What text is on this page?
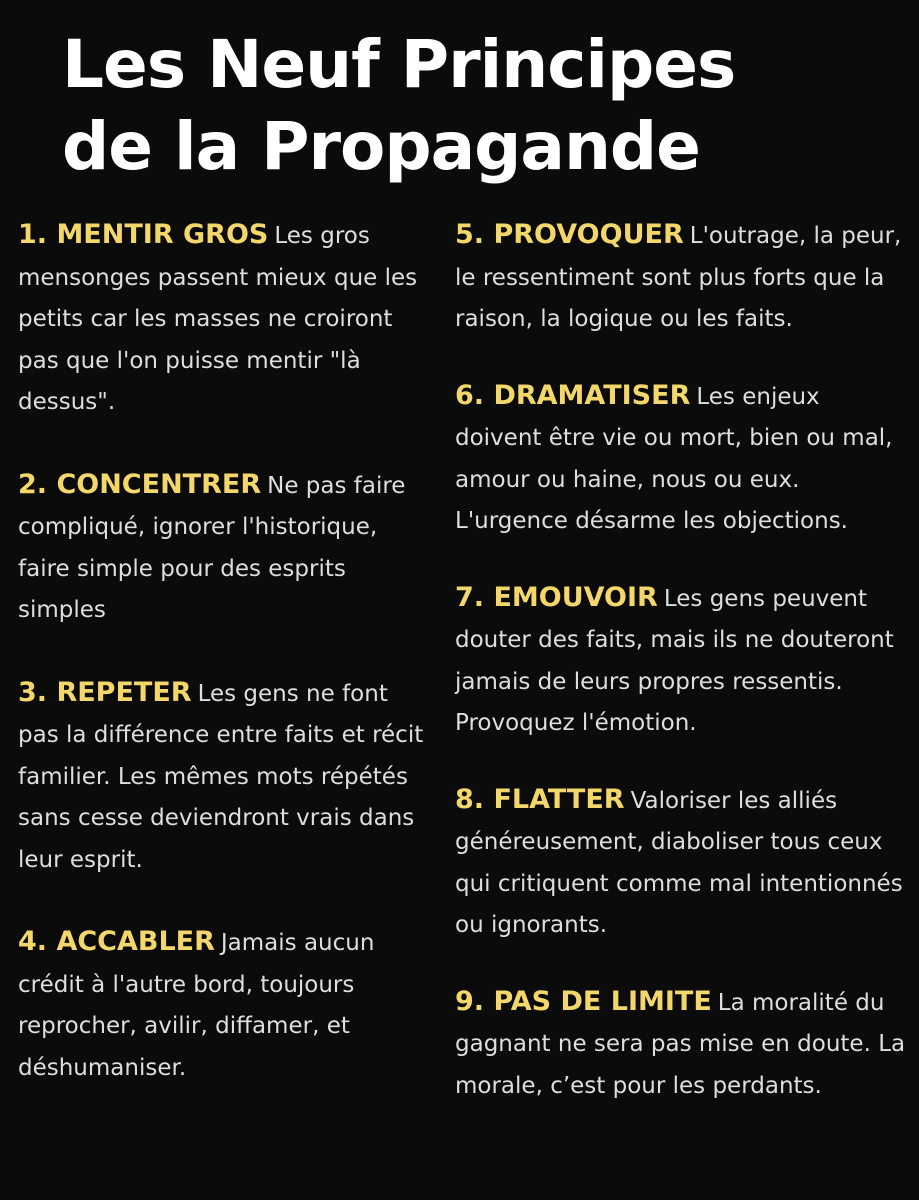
Les Neuf Principes
de la Propagande

1. MENTIR GROS Les gros mensonges passent mieux que les petits car les masses ne croiront pas que l'on puisse mentir "là dessus".

2. CONCENTRER Ne pas faire compliqué, ignorer l'historique, faire simple pour des esprits simples

3. REPETER Les gens ne font pas la différence entre faits et récit familier. Les mêmes mots répétés sans cesse deviendront vrais dans leur esprit.

4. ACCABLER Jamais aucun crédit à l'autre bord, toujours reprocher, avilir, diffamer, et déshumaniser.

5. PROVOQUER L'outrage, la peur, le ressentiment sont plus forts que la raison, la logique ou les faits.

6. DRAMATISER Les enjeux doivent être vie ou mort, bien ou mal, amour ou haine, nous ou eux. L'urgence désarme les objections.

7. EMOUVOIR Les gens peuvent douter des faits, mais ils ne douteront jamais de leurs propres ressentis. Provoquez l'émotion.

8. FLATTER Valoriser les alliés généreusement, diaboliser tous ceux qui critiquent comme mal intentionnés ou ignorants.

9. PAS DE LIMITE La moralité du gagnant ne sera pas mise en doute. La morale, c’est pour les perdants.
